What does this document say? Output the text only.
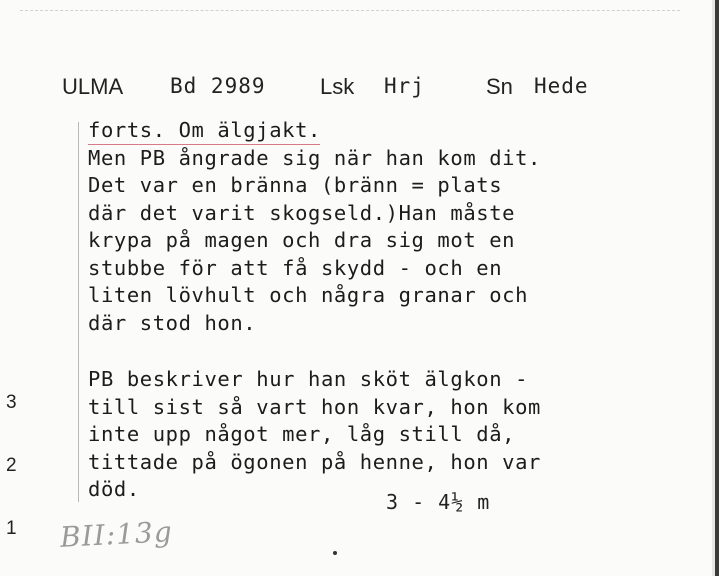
ULMA Bd 2989 Lsk Hrj	Sn Hede
forts. Om älgjakt.
Men PB ångrade sig när han kom dit.
Det var en bränna (bränn = plats
där det varit skogseld.)Han måste
krypa på magen och dra sig mot en
stubbe för att få skydd - och en
liten lövhult och några granar och
där stod hon.
PB beskriver hur han sköt älgkon -
till sist så vart hon kvar, hon kom
inte upp något mer, låg still då,
tittade på ögonen på henne, hon var
död.
3 - 4½ m
3
2
1 BII:13g
